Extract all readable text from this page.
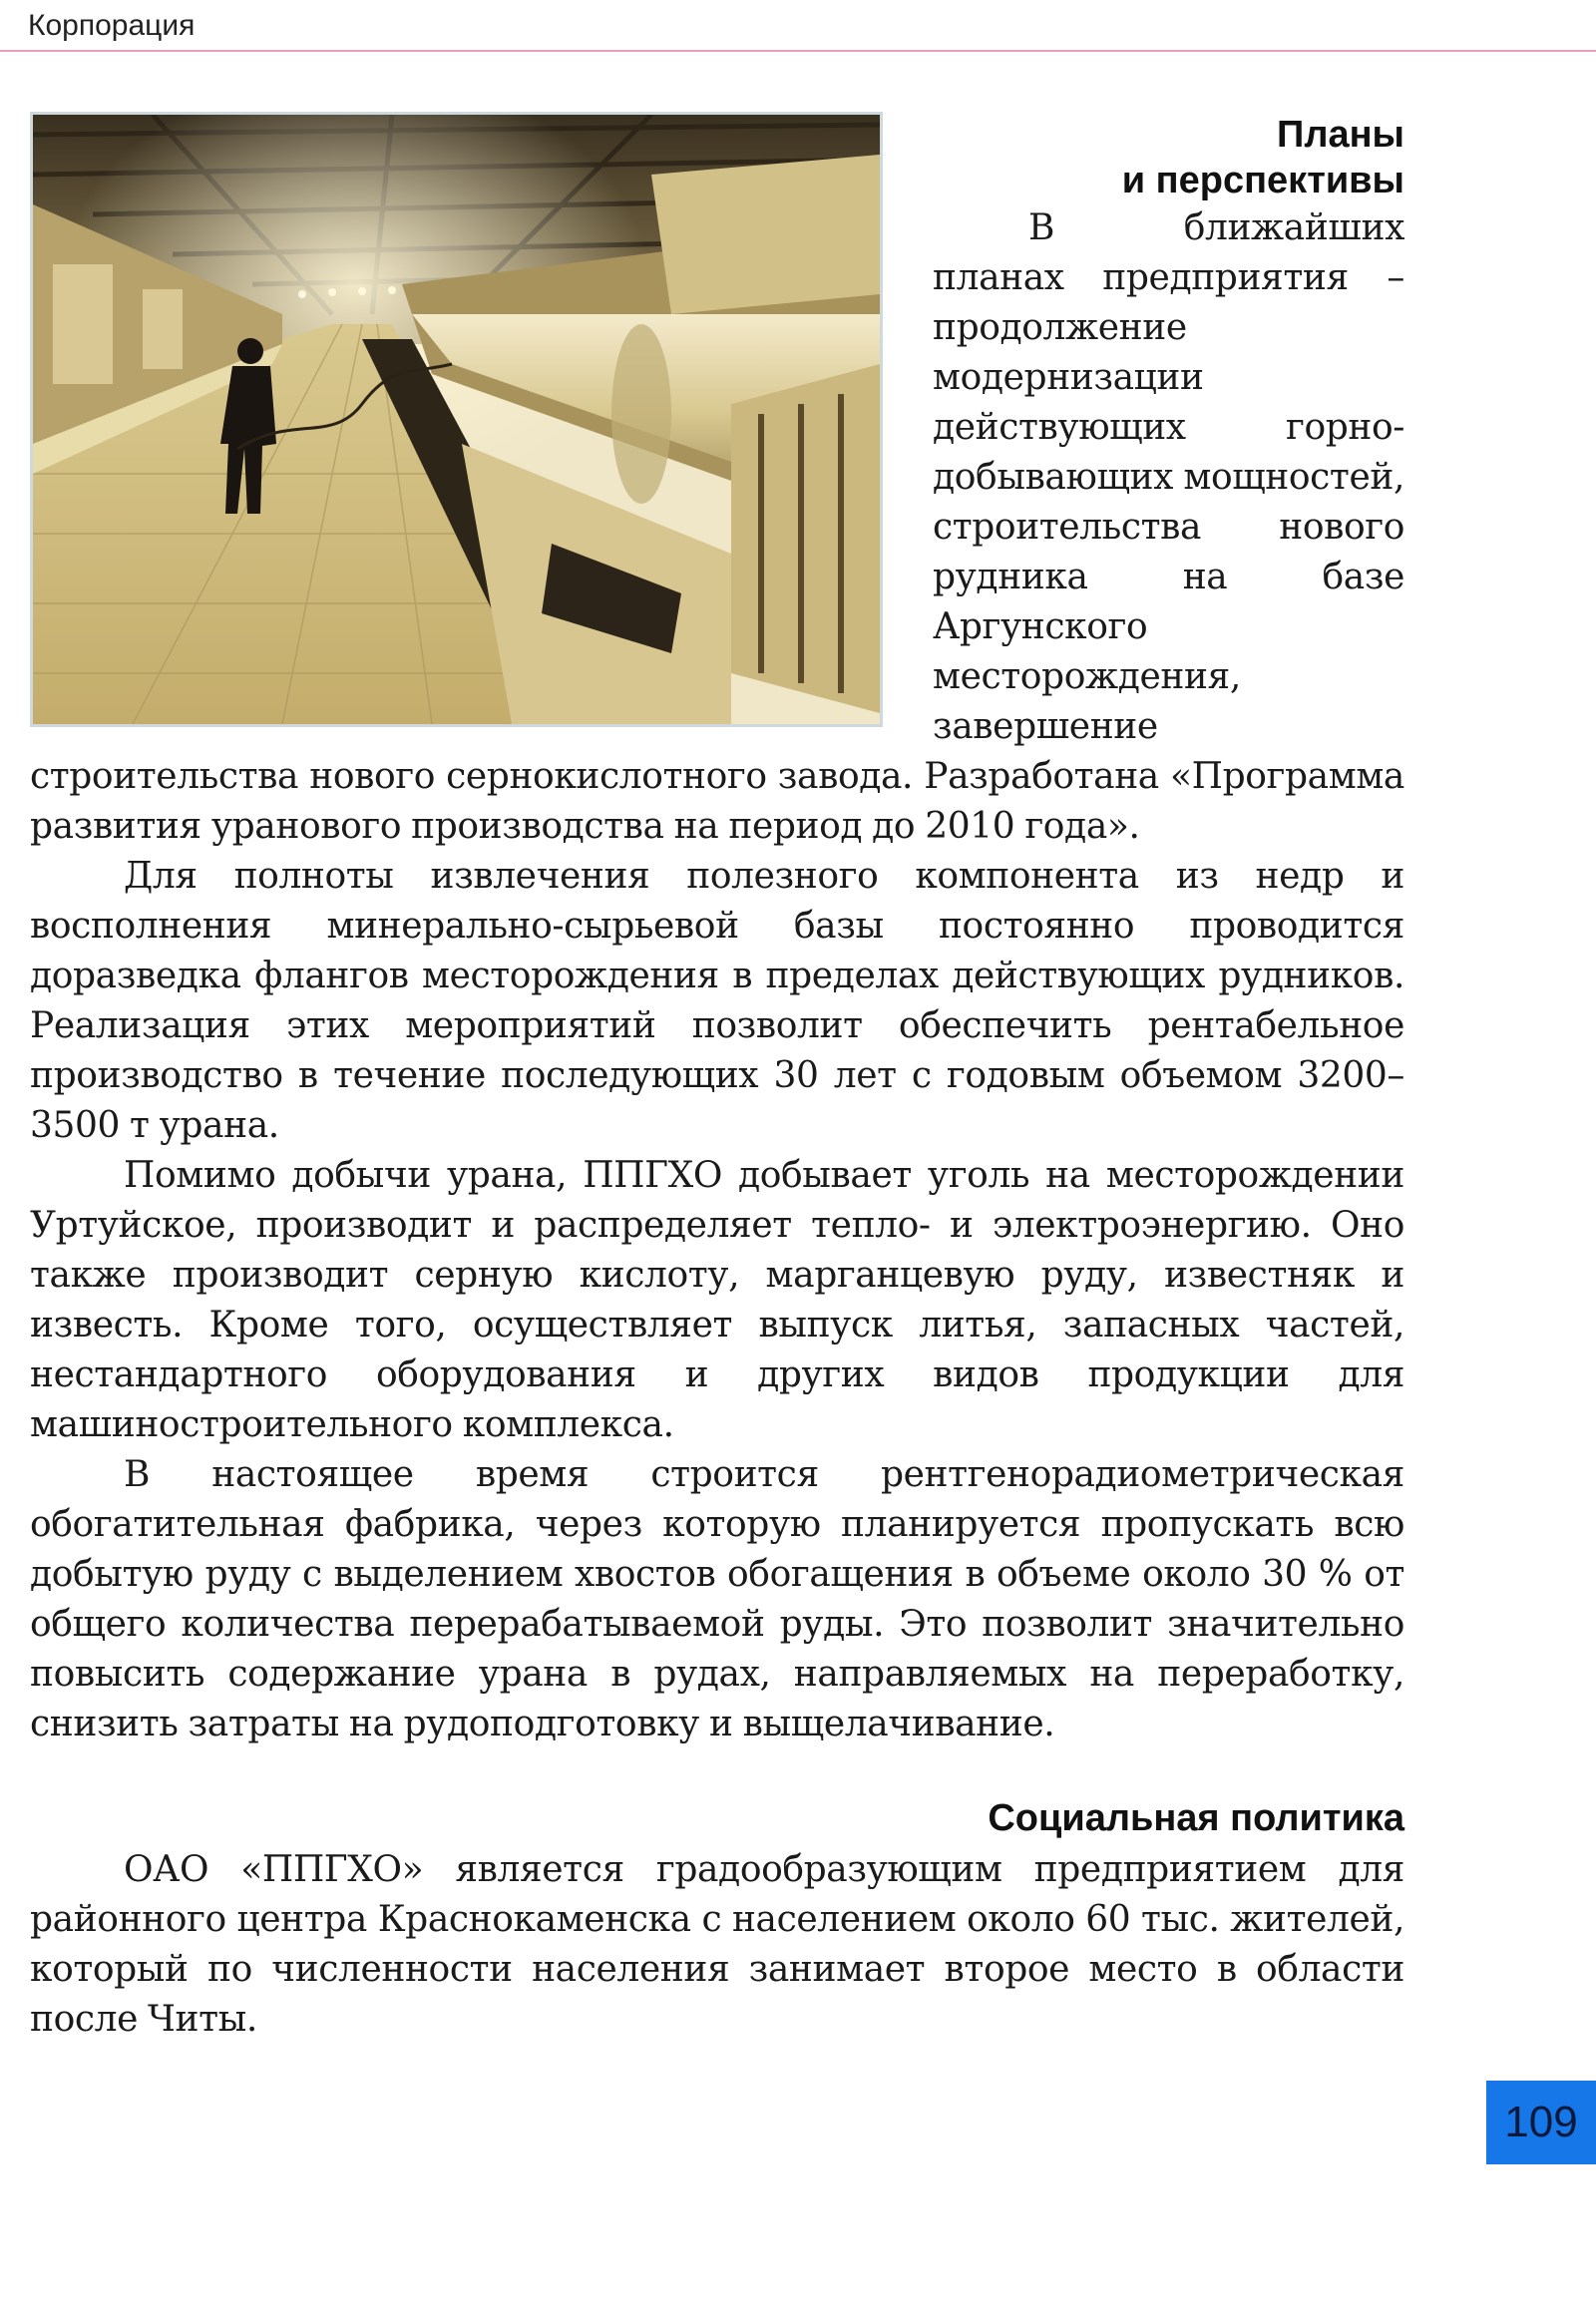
Корпорация
Планы
и перспективы

В ближайших планах предприятия – продолжение модернизации действующих горно-добывающих мощностей, строительства нового рудника на базе Аргунского месторождения, завершение строительства нового сернокислотного завода. Разработана «Программа развития уранового производства на период до 2010 года».

Для полноты извлечения полезного компонента из недр и восполнения минерально-сырьевой базы постоянно проводится доразведка флангов месторождения в пределах действующих рудников. Реализация этих мероприятий позволит обеспечить рентабельное производство в течение последующих 30 лет с годовым объемом 3200–3500 т урана.

Помимо добычи урана, ППГХО добывает уголь на месторождении Уртуйское, производит и распределяет тепло- и электроэнергию. Оно также производит серную кислоту, марганцевую руду, известняк и известь. Кроме того, осуществляет выпуск литья, запасных частей, нестандартного оборудования и других видов продукции для машиностроительного комплекса.

В настоящее время строится рентгенорадиометрическая обогатительная фабрика, через которую планируется пропускать всю добытую руду с выделением хвостов обогащения в объеме около 30 % от общего количества перерабатываемой руды. Это позволит значительно повысить содержание урана в рудах, направляемых на переработку, снизить затраты на рудоподготовку и выщелачивание.

Социальная политика

ОАО «ППГХО» является градообразующим предприятием для районного центра Краснокаменска с населением около 60 тыс. жителей, который по численности населения занимает второе место в области после Читы.

109
